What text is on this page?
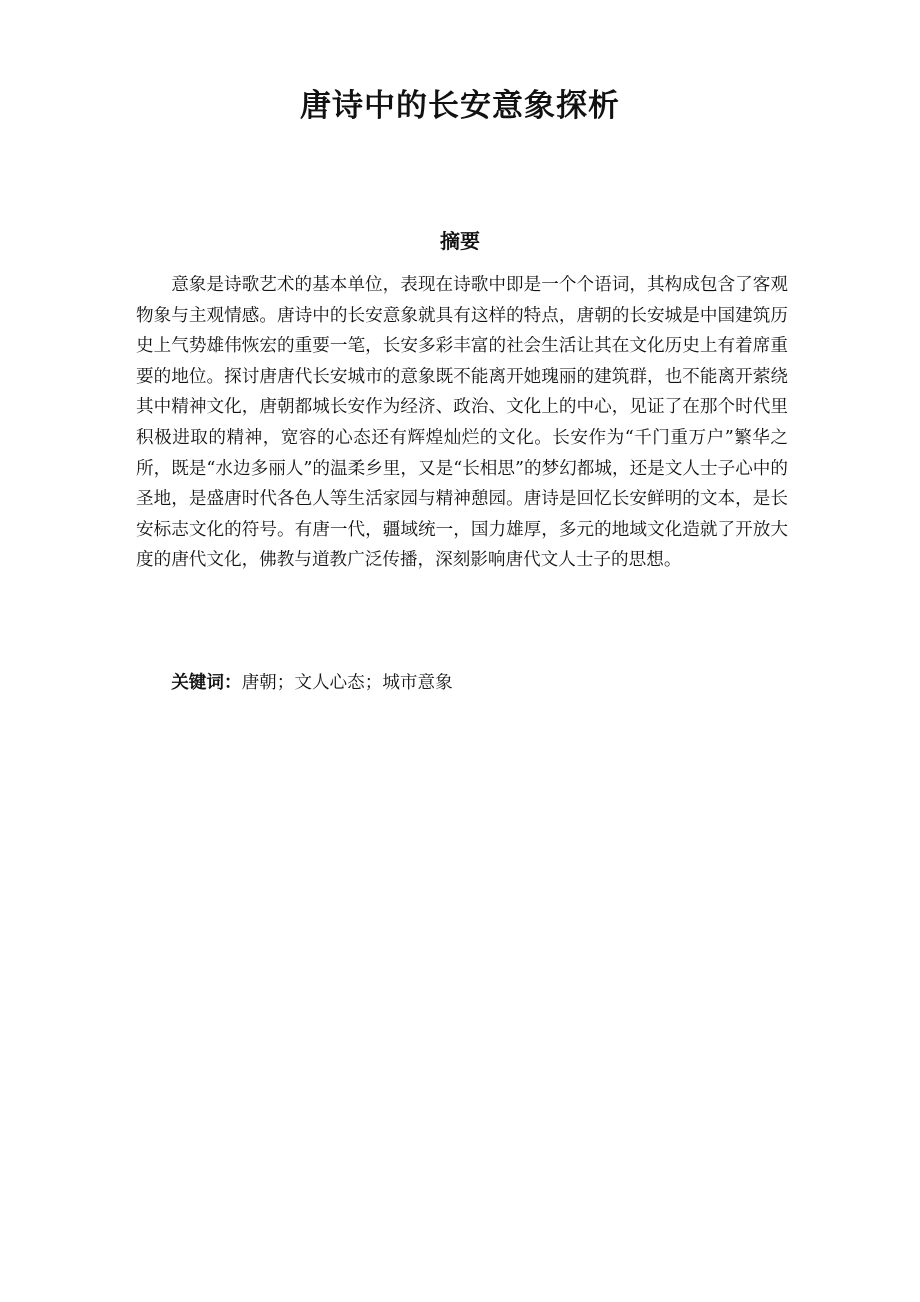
唐诗中的长安意象探析
摘要

意象是诗歌艺术的基本单位，表现在诗歌中即是一个个语词，其构成包含了客观物象与主观情感。唐诗中的长安意象就具有这样的特点，唐朝的长安城是中国建筑历史上气势雄伟恢宏的重要一笔，长安多彩丰富的社会生活让其在文化历史上有着席重要的地位。探讨唐唐代长安城市的意象既不能离开她瑰丽的建筑群，也不能离开萦绕其中精神文化，唐朝都城长安作为经济、政治、文化上的中心，见证了在那个时代里积极进取的精神，宽容的心态还有辉煌灿烂的文化。长安作为“千门重万户”繁华之所，既是“水边多丽人”的温柔乡里，又是“长相思”的梦幻都城，还是文人士子心中的圣地，是盛唐时代各色人等生活家园与精神憩园。唐诗是回忆长安鲜明的文本，是长安标志文化的符号。有唐一代，疆域统一，国力雄厚，多元的地域文化造就了开放大度的唐代文化，佛教与道教广泛传播，深刻影响唐代文人士子的思想。

关键词：唐朝；文人心态；城市意象
